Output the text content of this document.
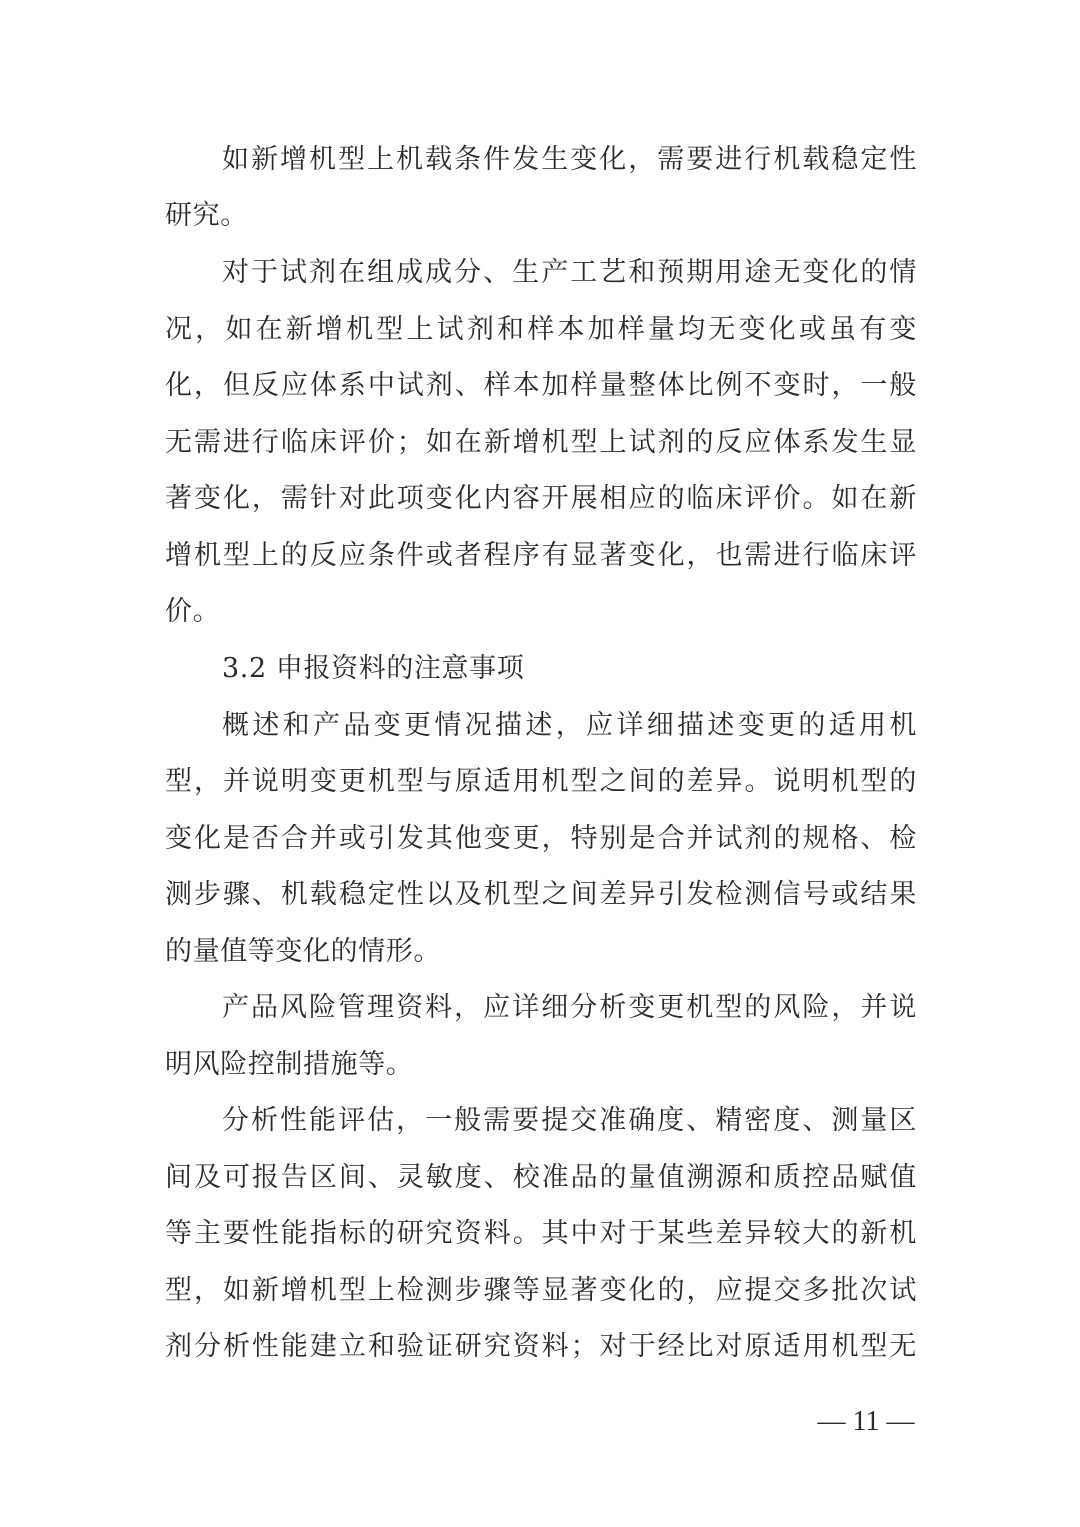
如新增机型上机载条件发生变化，需要进行机载稳定性
研究。
对于试剂在组成成分、生产工艺和预期用途无变化的情
况，如在新增机型上试剂和样本加样量均无变化或虽有变
化，但反应体系中试剂、样本加样量整体比例不变时，一般
无需进行临床评价；如在新增机型上试剂的反应体系发生显
著变化，需针对此项变化内容开展相应的临床评价。如在新
增机型上的反应条件或者程序有显著变化，也需进行临床评
价。
3.2 申报资料的注意事项
概述和产品变更情况描述，应详细描述变更的适用机
型，并说明变更机型与原适用机型之间的差异。说明机型的
变化是否合并或引发其他变更，特别是合并试剂的规格、检
测步骤、机载稳定性以及机型之间差异引发检测信号或结果
的量值等变化的情形。
产品风险管理资料，应详细分析变更机型的风险，并说
明风险控制措施等。
分析性能评估，一般需要提交准确度、精密度、测量区
间及可报告区间、灵敏度、校准品的量值溯源和质控品赋值
等主要性能指标的研究资料。其中对于某些差异较大的新机
型，如新增机型上检测步骤等显著变化的，应提交多批次试
剂分析性能建立和验证研究资料；对于经比对原适用机型无
— 11 —
